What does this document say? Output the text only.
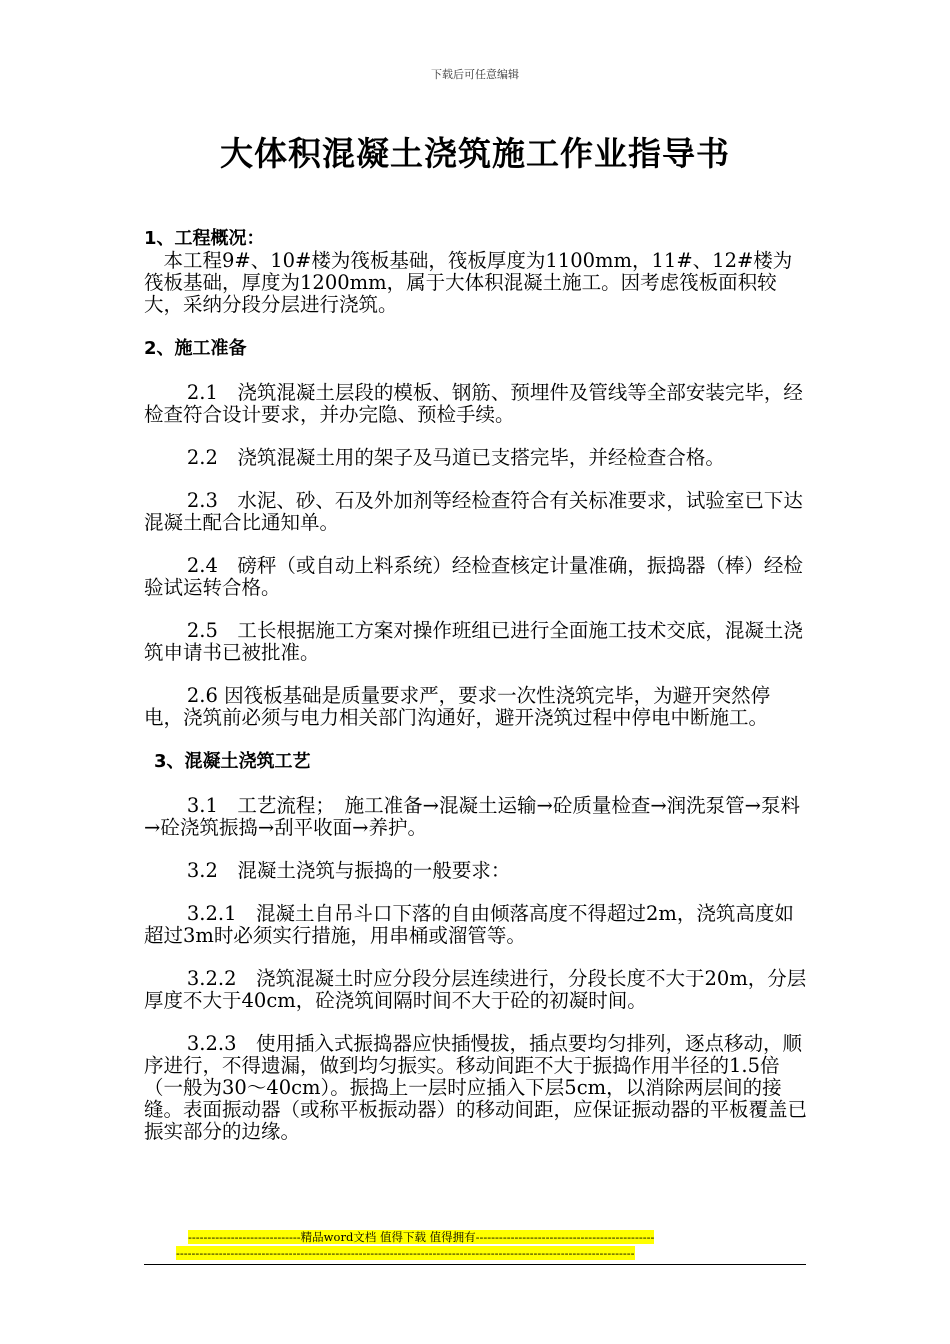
下载后可任意编辑
大体积混凝土浇筑施工作业指导书

1、工程概况：

本工程9#、10#楼为筏板基础，筏板厚度为1100mm，11#、12#楼为筏板基础，厚度为1200mm，属于大体积混凝土施工。因考虑筏板面积较大，采纳分段分层进行浇筑。

2、施工准备

2.1　浇筑混凝土层段的模板、钢筋、预埋件及管线等全部安装完毕，经检查符合设计要求，并办完隐、预检手续。

2.2　浇筑混凝土用的架子及马道已支搭完毕，并经检查合格。

2.3　水泥、砂、石及外加剂等经检查符合有关标准要求，试验室已下达混凝土配合比通知单。

2.4　磅秤（或自动上料系统）经检查核定计量准确，振捣器（棒）经检验试运转合格。

2.5　工长根据施工方案对操作班组已进行全面施工技术交底，混凝土浇筑申请书已被批准。

2.6 因筏板基础是质量要求严，要求一次性浇筑完毕，为避开突然停电，浇筑前必须与电力相关部门沟通好，避开浇筑过程中停电中断施工。

3、混凝土浇筑工艺

3.1　工艺流程；　施工准备→混凝土运输→砼质量检查→润洗泵管→泵料→砼浇筑振捣→刮平收面→养护。

3.2　混凝土浇筑与振捣的一般要求：

3.2.1　混凝土自吊斗口下落的自由倾落高度不得超过2m，浇筑高度如超过3m时必须实行措施，用串桶或溜管等。

3.2.2　浇筑混凝土时应分段分层连续进行，分段长度不大于20m，分层厚度不大于40cm，砼浇筑间隔时间不大于砼的初凝时间。

3.2.3　使用插入式振捣器应快插慢拔，插点要均匀排列，逐点移动，顺序进行，不得遗漏，做到均匀振实。移动间距不大于振捣作用半径的1.5倍（一般为30～40cm）。振捣上一层时应插入下层5cm，以消除两层间的接缝。表面振动器（或称平板振动器）的移动间距，应保证振动器的平板覆盖已振实部分的边缘。

-----------------------------精品word文档 值得下载 值得拥有----------------------------------------------
----------------------------------------------------------------------------------------------------------------------
